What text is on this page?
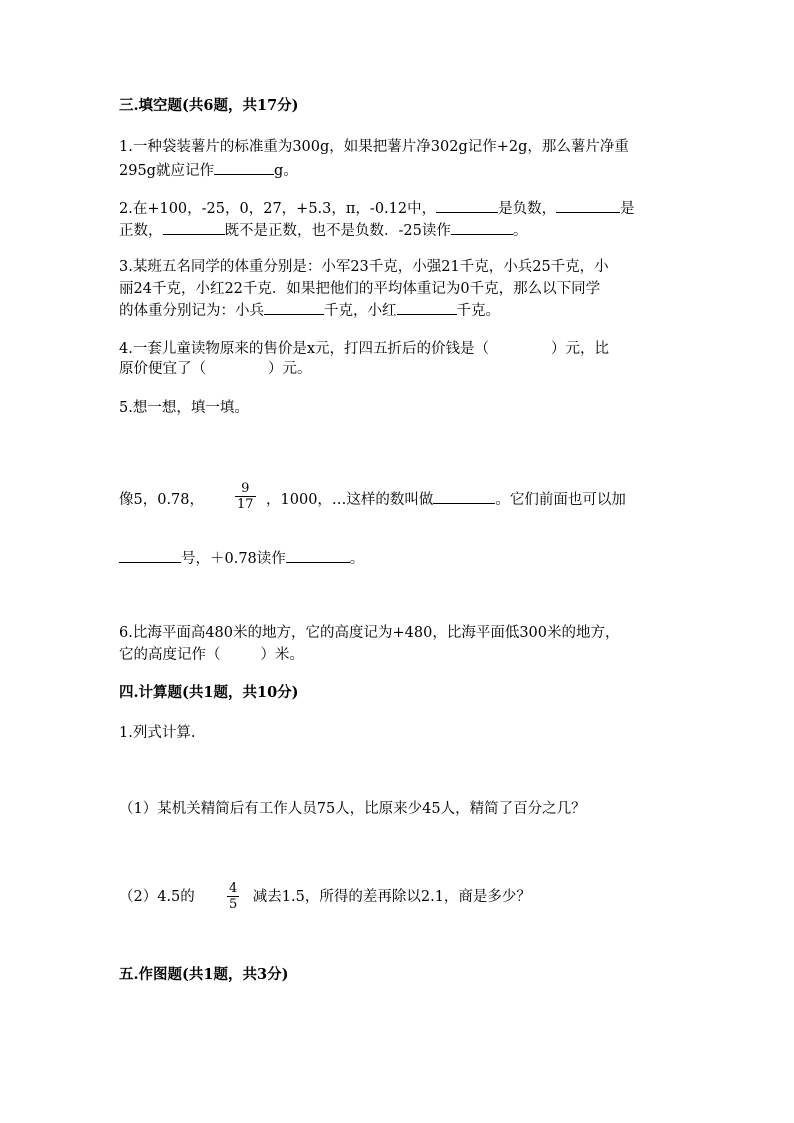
三.填空题(共6题，共17分)
1.一种袋装薯片的标准重为300g，如果把薯片净302g记作+2g，那么薯片净重
295g就应记作	g。
2.在+100，-25，0，27，+5.3，π，-0.12中，	是负数，	是
正数，	既不是正数，也不是负数．-25读作	。
3.某班五名同学的体重分别是：小军23千克，小强21千克，小兵25千克，小
丽24千克，小红22千克．如果把他们的平均体重记为0千克，那么以下同学
的体重分别记为：小兵	千克，小红	千克。
4.一套儿童读物原来的售价是x元，打四五折后的价钱是（	）元，比
原价便宜了（	）元。
5.想一想，填一填。
像5，0.78，	，1000，…这样的数叫做	。它们前面也可以加
$\frac{9}{17}$
号，＋0.78读作	。
6.比海平面高480米的地方，它的高度记为+480，比海平面低300米的地方，
它的高度记作（	）米。
四.计算题(共1题，共10分)
1.列式计算.
（1）某机关精简后有工作人员75人，比原来少45人，精简了百分之几？
（2）4.5的	减去1.5，所得的差再除以2.1，商是多少？
$\frac{4}{5}$
五.作图题(共1题，共3分)
